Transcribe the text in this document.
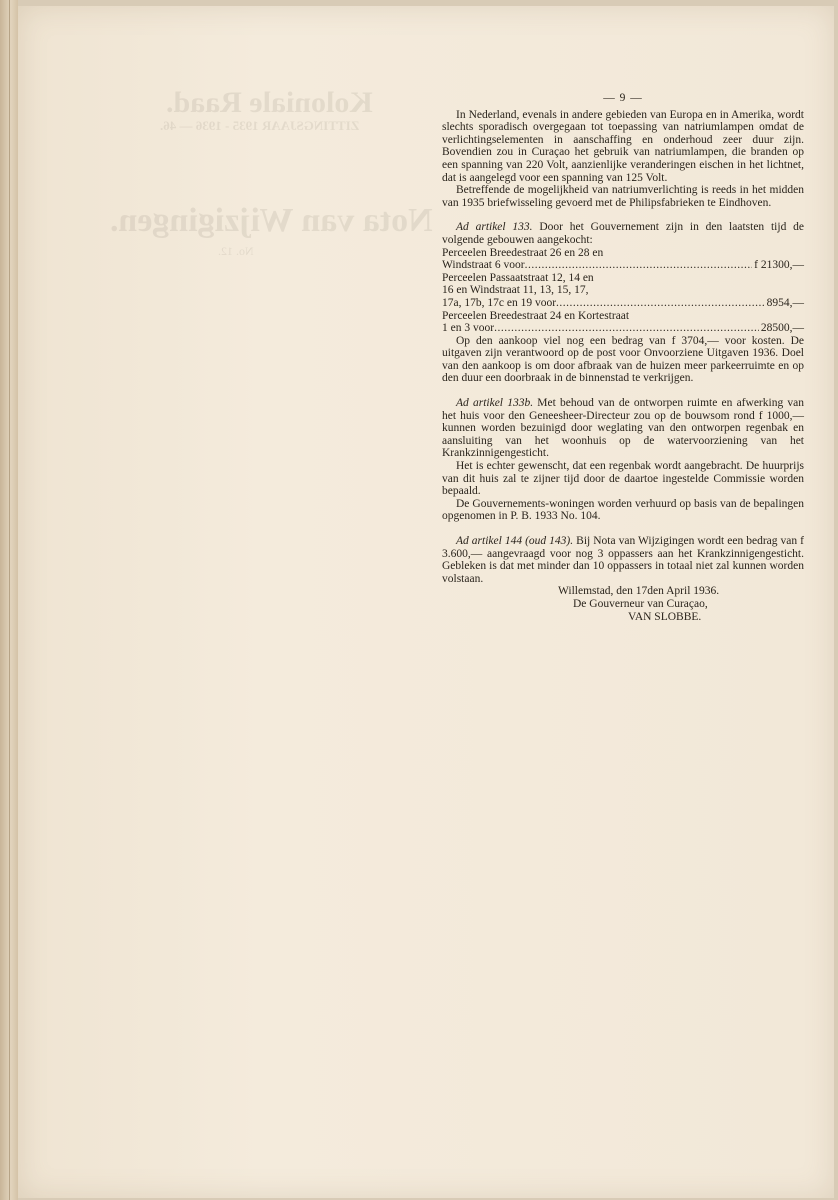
Koloniale Raad.
ZITTINGSJAAR 1935 - 1936 — 46.
Nota van Wijzigingen.
No. 12.
— 9 —

In Nederland, evenals in andere gebieden van Europa en in Amerika, wordt slechts sporadisch overgegaan tot toepassing van natriumlampen omdat de verlichtingselementen in aanschaffing en onderhoud zeer duur zijn. Bovendien zou in Curaçao het gebruik van natriumlampen, die branden op een spanning van 220 Volt, aanzienlijke veranderingen eischen in het lichtnet, dat is aangelegd voor een spanning van 125 Volt.

Betreffende de mogelijkheid van natriumverlichting is reeds in het midden van 1935 briefwisseling gevoerd met de Philipsfabrieken te Eindhoven.

Ad artikel 133. Door het Gouvernement zijn in den laatsten tijd de volgende gebouwen aangekocht:

Perceelen Breedestraat 26 en 28 en

Windstraat 6 voor .....	f 21300,—

Perceelen Passaatstraat 12, 14 en

16 en Windstraat 11, 13, 15, 17,

17a, 17b, 17c en 19 voor .....	8954,—

Perceelen Breedestraat 24 en Kortestraat

1 en 3 voor .....	28500,—

Op den aankoop viel nog een bedrag van f 3704,— voor kosten. De uitgaven zijn verantwoord op de post voor Onvoorziene Uitgaven 1936. Doel van den aankoop is om door afbraak van de huizen meer parkeerruimte en op den duur een doorbraak in de binnenstad te verkrijgen.

Ad artikel 133b. Met behoud van de ontworpen ruimte en afwerking van het huis voor den Geneesheer-Directeur zou op de bouwsom rond f 1000,— kunnen worden bezuinigd door weglating van den ontworpen regenbak en aansluiting van het woonhuis op de watervoorziening van het Krankzinnigengesticht.

Het is echter gewenscht, dat een regenbak wordt aangebracht. De huurprijs van dit huis zal te zijner tijd door de daartoe ingestelde Commissie worden bepaald.

De Gouvernements-woningen worden verhuurd op basis van de bepalingen opgenomen in P. B. 1933 No. 104.

Ad artikel 144 (oud 143). Bij Nota van Wijzigingen wordt een bedrag van f 3.600,— aangevraagd voor nog 3 oppassers aan het Krankzinnigengesticht. Gebleken is dat met minder dan 10 oppassers in totaal niet zal kunnen worden volstaan.

Willemstad, den 17den April 1936.

De Gouverneur van Curaçao,

VAN SLOBBE.
